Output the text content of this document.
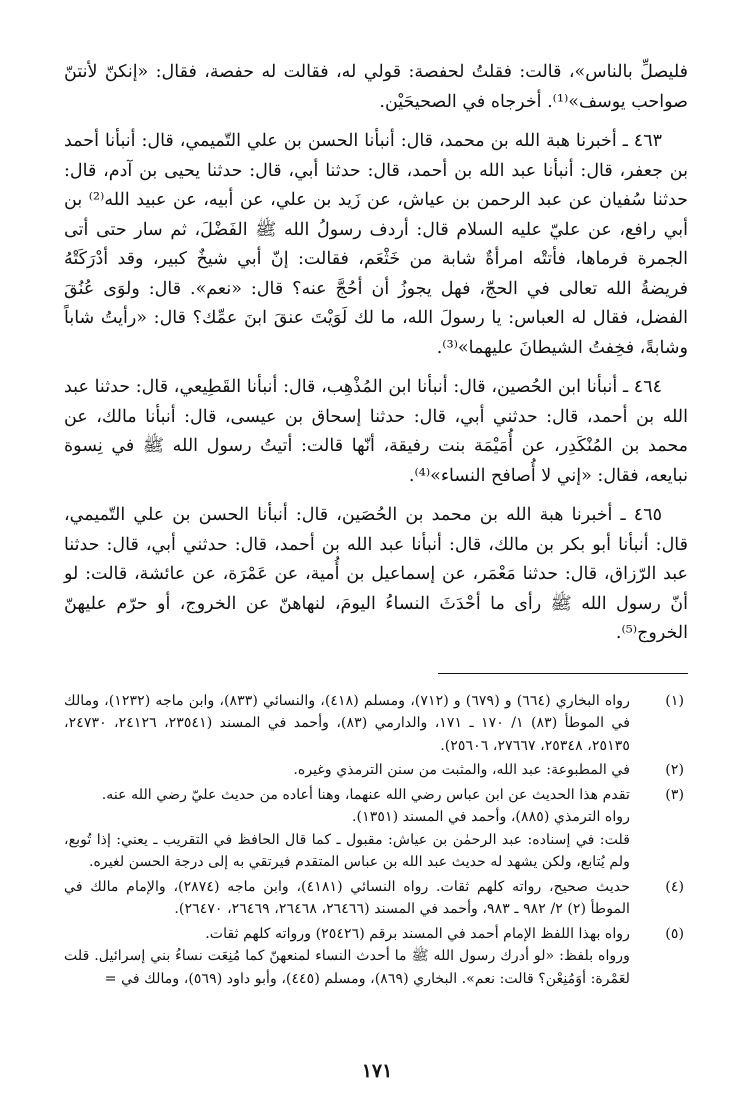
فليصلِّ بالناس»، قالت: فقلتُ لحفصة: قولي له، فقالت له حفصة، فقال: «إنكنّ لأنتنّ صواحب يوسف»⁽¹⁾. أخرجاه في الصحيحَيْن.

٤٦٣ ـ أخبرنا هبة الله بن محمد، قال: أنبأنا الحسن بن علي التّميمي، قال: أنبأنا أحمد بن جعفر، قال: أنبأنا عبد الله بن أحمد، قال: حدثنا أبي، قال: حدثنا يحيى بن آدم، قال: حدثنا سُفيان عن عبد الرحمن بن عياش، عن زَيد بن علي، عن أبيه، عن عبيد الله⁽²⁾ بن أبي رافع، عن عليّ عليه السلام قال: أردف رسولُ الله ﷺ الفَضْلَ، ثم سار حتى أتى الجمرة فرماها، فأتتْه امرأةٌ شابة من خَثْعَم، فقالت: إنّ أبي شيخٌ كبير، وقد أدْرَكَتْهُ فريضةُ الله تعالى في الحجّ، فهل يجوزُ أن أحُجَّ عنه؟ قال: «نعم». قال: ولوَى عُنُقَ الفضل، فقال له العباس: يا رسولَ الله، ما لك لَوَيْتَ عنقَ ابنَ عمِّك؟ قال: «رأيتُ شاباً وشابةً، فخِفتُ الشيطانَ عليهما»⁽³⁾.

٤٦٤ ـ أنبأنا ابن الحُصين، قال: أنبأنا ابن المُذْهِب، قال: أنبأنا القَطِيعي، قال: حدثنا عبد الله بن أحمد، قال: حدثني أبي، قال: حدثنا إسحاق بن عيسى، قال: أنبأنا مالك، عن محمد بن المُنْكَدِر، عن أُمَيْمَة بنت رفيقة، أنّها قالت: أتيتُ رسول الله ﷺ في نِسوة نبايعه، فقال: «إني لا أُصافح النساء»⁽⁴⁾.

٤٦٥ ـ أخبرنا هبة الله بن محمد بن الحُصَين، قال: أنبأنا الحسن بن علي التّميمي، قال: أنبأنا أبو بكر بن مالك، قال: أنبأنا عبد الله بن أحمد، قال: حدثني أبي، قال: حدثنا عبد الرّزاق، قال: حدثنا مَعْمَر، عن إسماعيل بن أُمية، عن عَمْرَة، عن عائشة، قالت: لو أنّ رسول الله ﷺ رأى ما أحْدَثَ النساءُ اليومَ، لنهاهنّ عن الخروج، أو حرّم عليهنّ الخروج⁽⁵⁾.

(١)

رواه البخاري (٦٦٤) و (٦٧٩) و (٧١٢)، ومسلم (٤١٨)، والنسائي (٨٣٣)، وابن ماجه (١٢٣٢)، ومالك في الموطأ (٨٣) ١/ ١٧٠ ـ ١٧١، والدارمي (٨٣)، وأحمد في المسند (٢٣٥٤١، ٢٤١٢٦، ٢٤٧٣٠، ٢٥١٣٥، ٢٥٣٤٨، ٢٧٦٦٧، ٢٥٦٠٦).

(٢)

في المطبوعة: عبد الله، والمثبت من سنن الترمذي وغيره.

(٣)

تقدم هذا الحديث عن ابن عباس رضي الله عنهما، وهنا أعاده من حديث عليّ رضي الله عنه.

رواه الترمذي (٨٨٥)، وأحمد في المسند (١٣٥١).

قلت: في إسناده: عبد الرحمٰن بن عياش: مقبول ـ كما قال الحافظ في التقريب ـ يعني: إذا تُوبع، ولم يُتابع، ولكن يشهد له حديث عبد الله بن عباس المتقدم فيرتقي به إلى درجة الحسن لغيره.

(٤)

حديث صحيح، رواته كلهم ثقات. رواه النسائي (٤١٨١)، وابن ماجه (٢٨٧٤)، والإمام مالك في الموطأ (٢) ٢/ ٩٨٢ ـ ٩٨٣، وأحمد في المسند (٢٦٤٦٦، ٢٦٤٦٨، ٢٦٤٦٩، ٢٦٤٧٠).

(٥)

رواه بهذا اللفظ الإمام أحمد في المسند برقم (٢٥٤٢٦) ورواته كلهم ثقات.

ورواه بلفظ: «لو أدرك رسول الله ﷺ ما أحدث النساء لمنعهنّ كما مُنِعَت نساءُ بني إسرائيل. قلت لعَمْرة: أوَمُنِعْن؟ قالت: نعم». البخاري (٨٦٩)، ومسلم (٤٤٥)، وأبو داود (٥٦٩)، ومالك في =

١٧١
